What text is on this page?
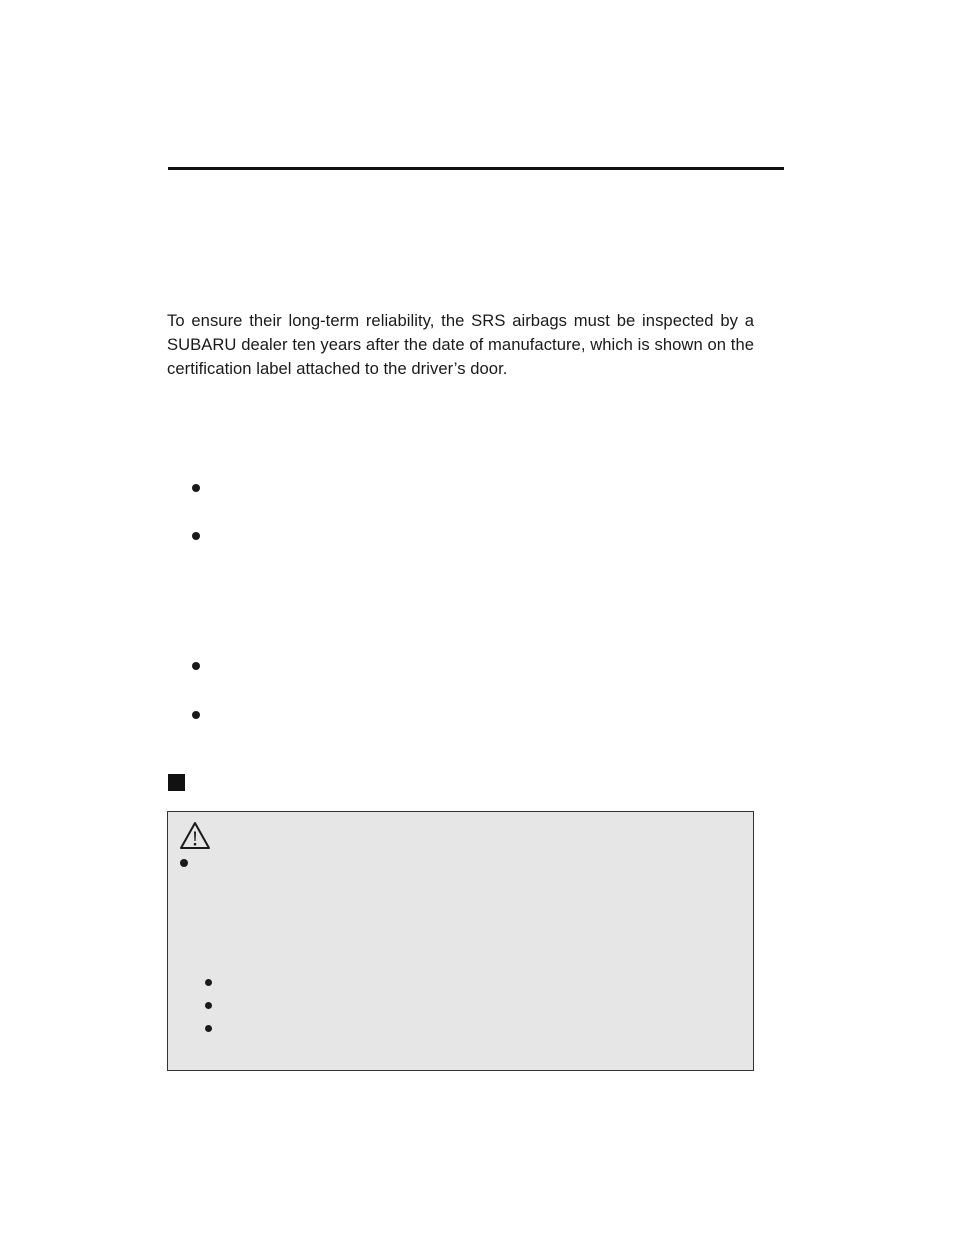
To ensure their long-term reliability, the SRS airbags must be inspected by a SUBARU dealer ten years after the date of manufacture, which is shown on the certification label attached to the driver’s door.
